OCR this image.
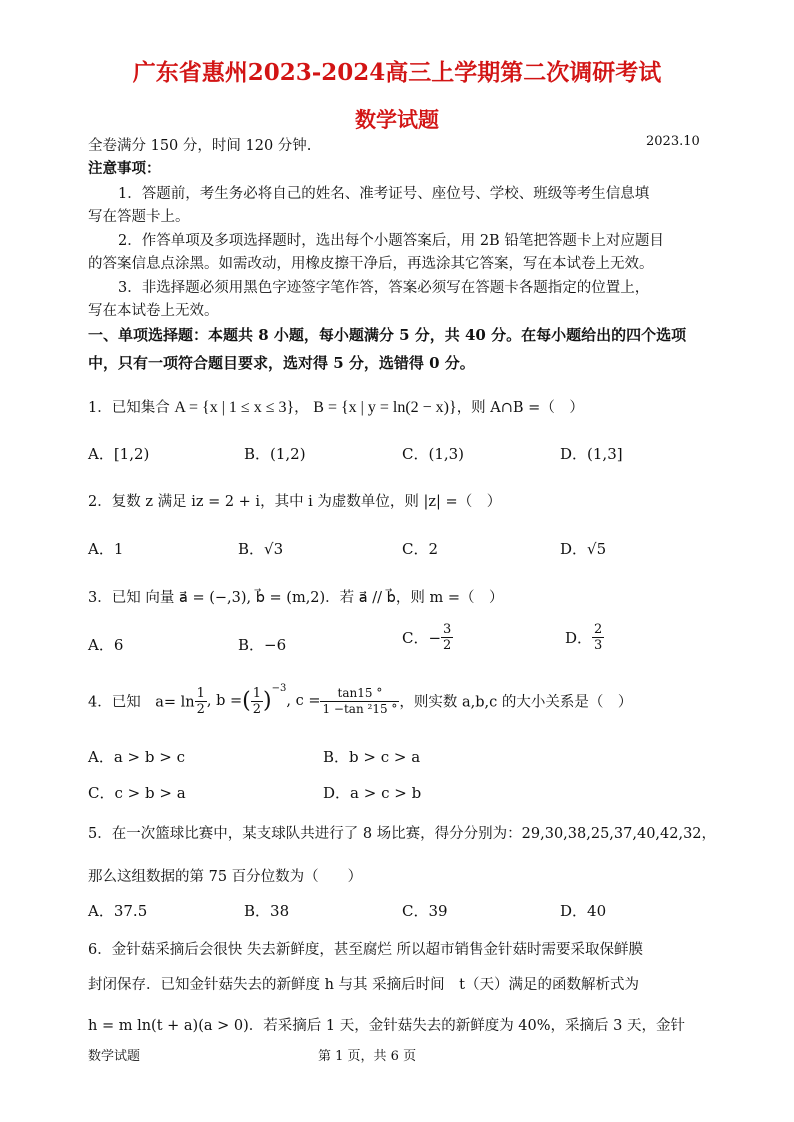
广东省惠州2023-2024高三上学期第二次调研考试
数学试题
全卷满分 150 分，时间 120 分钟.	2023.10
注意事项：
1．答题前，考生务必将自己的姓名、准考证号、座位号、学校、班级等考生信息填
写在答题卡上。
2．作答单项及多项选择题时，选出每个小题答案后，用 2B 铅笔把答题卡上对应题目
的答案信息点涂黑。如需改动，用橡皮擦干净后，再选涂其它答案，写在本试卷上无效。
3．非选择题必须用黑色字迹签字笔作答，答案必须写在答题卡各题指定的位置上，
写在本试卷上无效。
一、单项选择题：本题共 8 小题，每小题满分 5 分，共 40 分。在每小题给出的四个选项
中，只有一项符合题目要求，选对得 5 分，选错得 0 分。
1．已知集合 A = {x | 1 ≤ x ≤ 3}， B = {x | y = ln(2 − x)}，则 A∩B =（　）
A．[1,2)	B．(1,2)	C．(1,3)	D．(1,3]
2．复数 z 满足 iz = 2 + i，其中 i 为虚数单位，则 |z| =（　）
A．1	B．√3	C．2	D．√5
3．已知 向量 a⃗ = (−,3), b⃗ = (m,2)．若 a⃗ // b⃗，则 m =（　）
A．6	B．−6	C．− $\frac{3}{2}$	D． $\frac{2}{3}$
4．已知　$a= \ln \frac{1}{2}$ , b =( $\frac{1}{2} )^{-3}$, $c = \frac{\tan 15 ^\circ}{\text{1 −tan ²15 °}}$ ，则实数 a,b,c 的大小关系是（　）
A．a > b > c	B．b > c > a
C．c > b > a	D．a > c > b
5．在一次篮球比赛中，某支球队共进行了 8 场比赛，得分分别为：29,30,38,25,37,40,42,32，
那么这组数据的第 75 百分位数为（　　）
A．37.5	B．38	C．39	D．40
6．金针菇采摘后会很快 失去新鲜度，甚至腐烂 所以超市销售金针菇时需要采取保鲜膜
封闭保存．已知金针菇失去的新鲜度 h 与其 采摘后时间　t（天）满足的函数解析式为
h = m ln(t + a)(a > 0)．若采摘后 1 天，金针菇失去的新鲜度为 40%，采摘后 3 天，金针
数学试题	第 1 页，共 6 页
